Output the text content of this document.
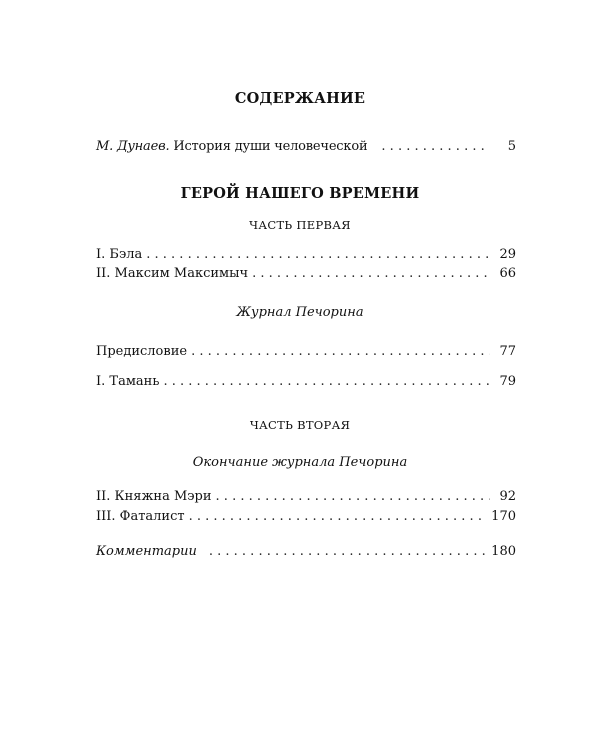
СОДЕРЖАНИЕ
М. Дунаев. История души человеческой . . .	5
ГЕРОЙ НАШЕГО ВРЕМЕНИ
ЧАСТЬ ПЕРВАЯ
I. Бэла . . .	29
II. Максим Максимыч . . .	66
Журнал Печорина
Предисловие . . .	77
I. Тамань . . .	79
ЧАСТЬ ВТОРАЯ
Окончание журнала Печорина
II. Княжна Мэри . . .	92
III. Фаталист . . .	170
Комментарии . . .	180
